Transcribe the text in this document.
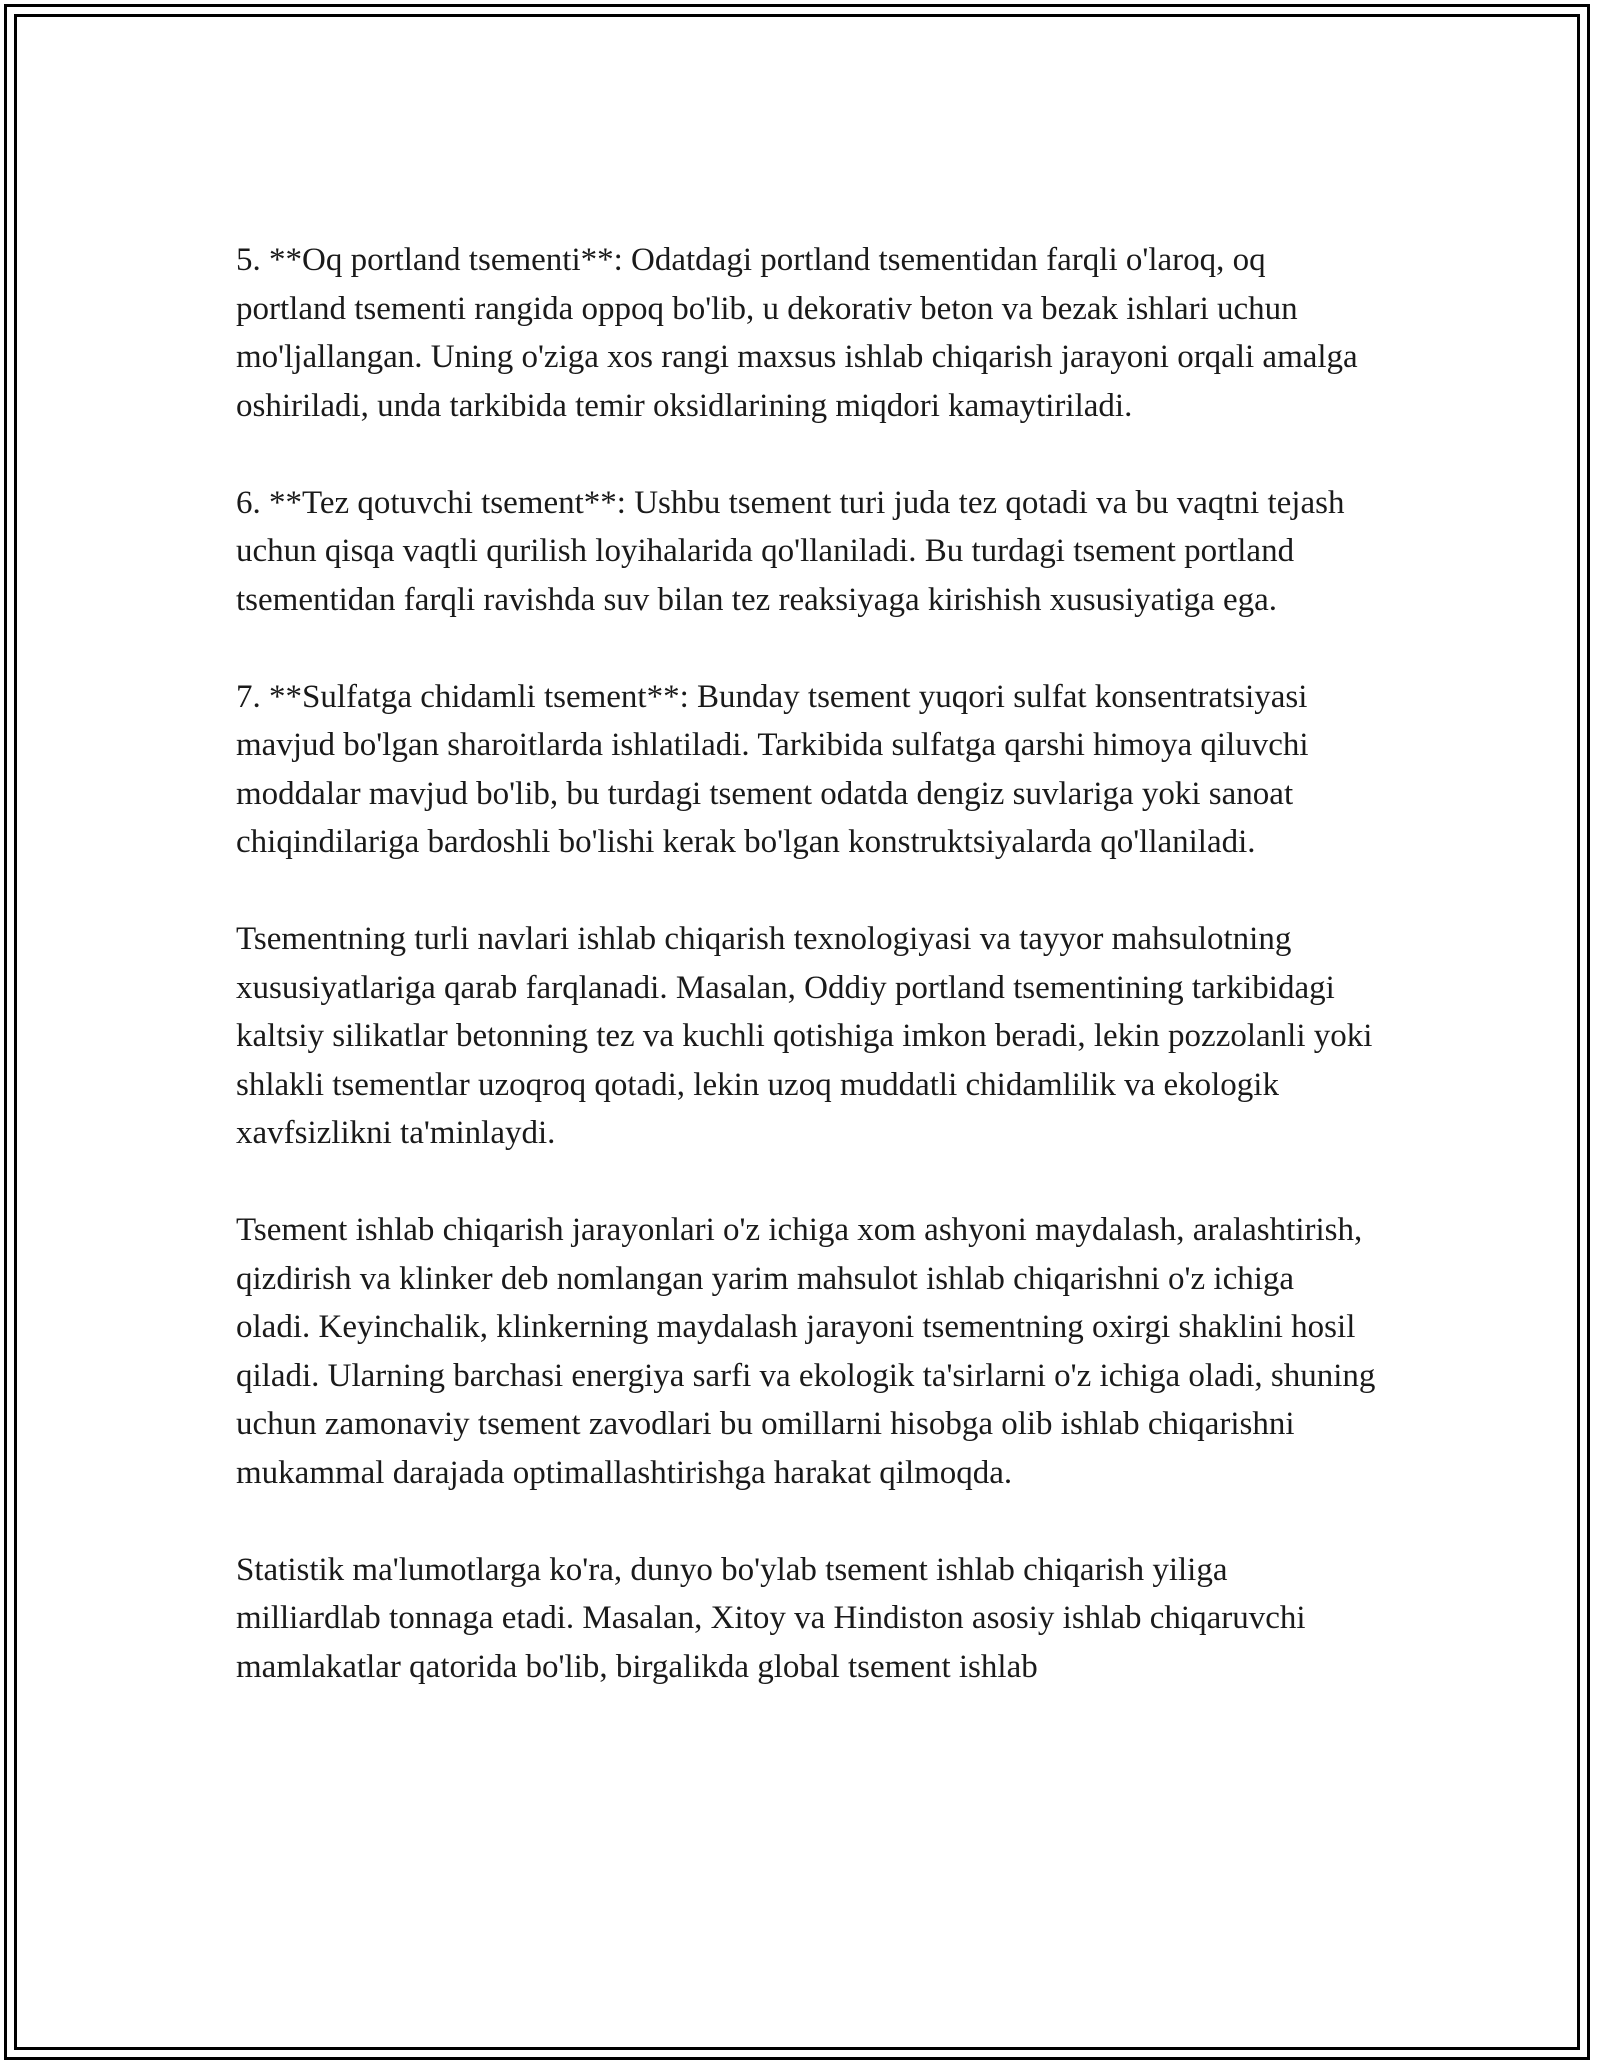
5. **Oq portland tsementi**: Odatdagi portland tsementidan farqli o'laroq, oq portland tsementi rangida oppoq bo'lib, u dekorativ beton va bezak ishlari uchun mo'ljallangan. Uning o'ziga xos rangi maxsus ishlab chiqarish jarayoni orqali amalga oshiriladi, unda tarkibida temir oksidlarining miqdori kamaytiriladi.

6. **Tez qotuvchi tsement**: Ushbu tsement turi juda tez qotadi va bu vaqtni tejash uchun qisqa vaqtli qurilish loyihalarida qo'llaniladi. Bu turdagi tsement portland tsementidan farqli ravishda suv bilan tez reaksiyaga kirishish xususiyatiga ega.

7. **Sulfatga chidamli tsement**: Bunday tsement yuqori sulfat konsentratsiyasi mavjud bo'lgan sharoitlarda ishlatiladi. Tarkibida sulfatga qarshi himoya qiluvchi moddalar mavjud bo'lib, bu turdagi tsement odatda dengiz suvlariga yoki sanoat chiqindilariga bardoshli bo'lishi kerak bo'lgan konstruktsiyalarda qo'llaniladi.

Tsementning turli navlari ishlab chiqarish texnologiyasi va tayyor mahsulotning xususiyatlariga qarab farqlanadi. Masalan, Oddiy portland tsementining tarkibidagi kaltsiy silikatlar betonning tez va kuchli qotishiga imkon beradi, lekin pozzolanli yoki shlakli tsementlar uzoqroq qotadi, lekin uzoq muddatli chidamlilik va ekologik xavfsizlikni ta'minlaydi.

Tsement ishlab chiqarish jarayonlari o'z ichiga xom ashyoni maydalash, aralashtirish, qizdirish va klinker deb nomlangan yarim mahsulot ishlab chiqarishni o'z ichiga oladi. Keyinchalik, klinkerning maydalash jarayoni tsementning oxirgi shaklini hosil qiladi. Ularning barchasi energiya sarfi va ekologik ta'sirlarni o'z ichiga oladi, shuning uchun zamonaviy tsement zavodlari bu omillarni hisobga olib ishlab chiqarishni mukammal darajada optimallashtirishga harakat qilmoqda.

Statistik ma'lumotlarga ko'ra, dunyo bo'ylab tsement ishlab chiqarish yiliga milliardlab tonnaga etadi. Masalan, Xitoy va Hindiston asosiy ishlab chiqaruvchi mamlakatlar qatorida bo'lib, birgalikda global tsement ishlab
